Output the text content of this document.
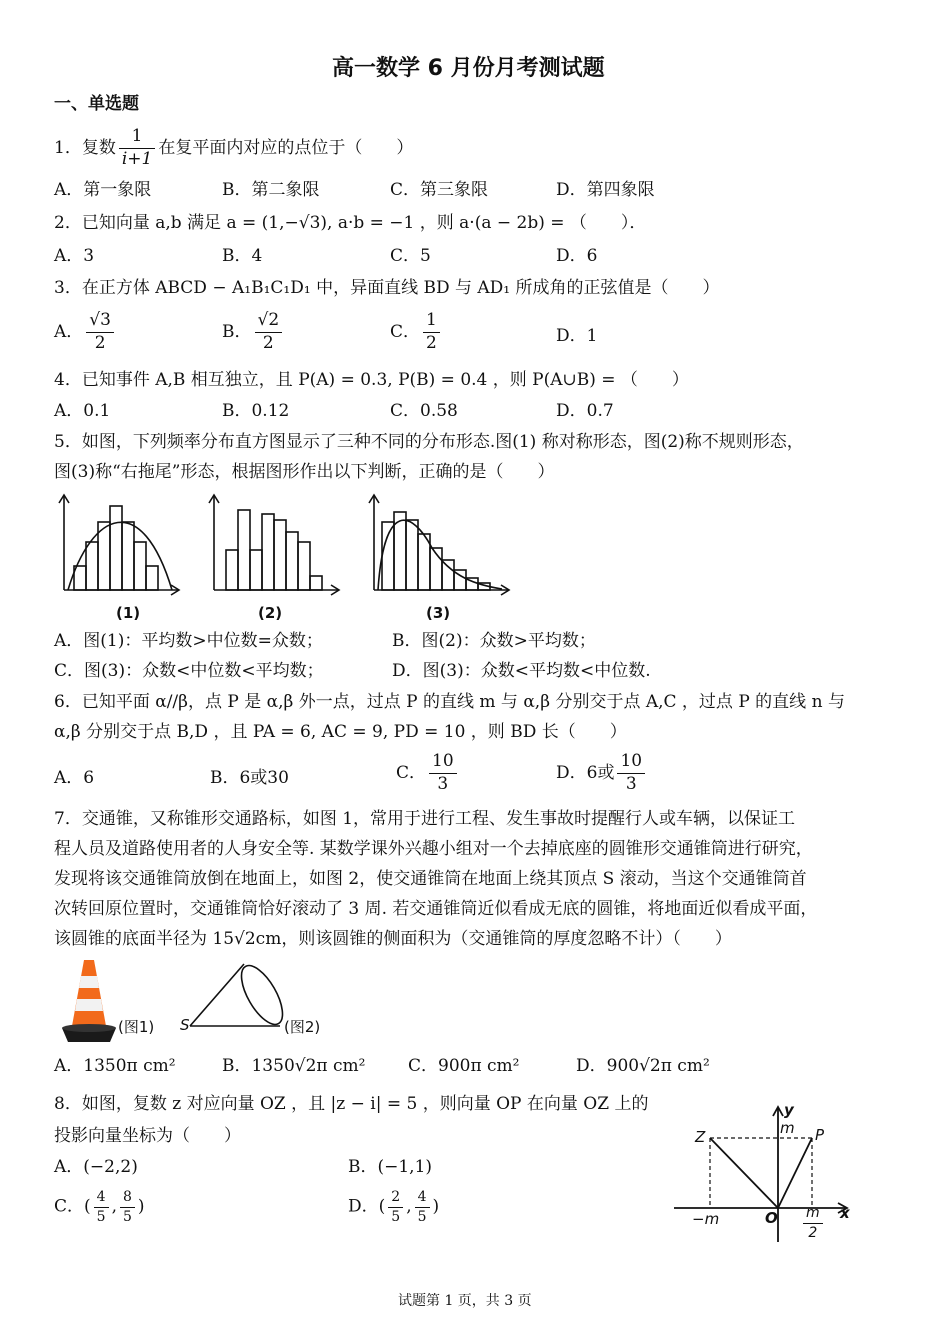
高一数学 6 月份月考测试题
一、单选题
1．复数 $\frac{1}{i+1}$ 在复平面内对应的点位于（　　）
A．第一象限	B．第二象限	C．第三象限	D．第四象限
2．已知向量 a,b 满足 a = (1,−√3), a·b = −1 ，则 a·(a − 2b) = （　　）．
A．3	B．4	C．5	D．6
3．在正方体 ABCD − A₁B₁C₁D₁ 中，异面直线 BD 与 AD₁ 所成角的正弦值是（　　）
A． $\frac{√3}{2}$	B． $\frac{√2}{2}$	C． $\frac{1}{2}$	D．1
4．已知事件 A,B 相互独立，且 P(A) = 0.3, P(B) = 0.4 ，则 P(A∪B) = （　　）
A．0.1	B．0.12	C．0.58	D．0.7
5．如图，下列频率分布直方图显示了三种不同的分布形态.图(1) 称对称形态，图(2)称不规则形态，
图(3)称“右拖尾”形态，根据图形作出以下判断，正确的是（　　）
(1)	(2)	(3)
A．图(1)：平均数>中位数=众数；	B．图(2)：众数>平均数；
C．图(3)：众数<中位数<平均数；	D．图(3)：众数<平均数<中位数.
6．已知平面 α//β，点 P 是 α,β 外一点，过点 P 的直线 m 与 α,β 分别交于点 A,C ，过点 P 的直线 n 与
α,β 分别交于点 B,D ，且 PA = 6, AC = 9, PD = 10 ，则 BD 长（　　）
A．6	B．6或30	C． $\frac{10}{3}$	D．6或 $\frac{10}{3}$
7．交通锥，又称锥形交通路标，如图 1，常用于进行工程、发生事故时提醒行人或车辆，以保证工
程人员及道路使用者的人身安全等. 某数学课外兴趣小组对一个去掉底座的圆锥形交通锥筒进行研究，
发现将该交通锥筒放倒在地面上，如图 2，使交通锥筒在地面上绕其顶点 S 滚动，当这个交通锥筒首
次转回原位置时，交通锥筒恰好滚动了 3 周. 若交通锥筒近似看成无底的圆锥，将地面近似看成平面，
该圆锥的底面半径为 15√2cm，则该圆锥的侧面积为（交通锥筒的厚度忽略不计）（　　）
(图1) S	(图2)
A．1350π cm²	B．1350√2π cm²	C．900π cm²	D．900√2π cm²
8．如图，复数 z 对应向量 OZ ，且 |z − i| = 5 ，则向量 OP 在向量 OZ 上的
投影向量坐标为（　　）
A．(−2,2)	B．(−1,1)
C．( $\frac{4}{5}$ , $\frac{8}{5}$ )	D．( $\frac{2}{5}$ , $\frac{4}{5}$ )
y
m
Z	P
O
−m	x
$\frac{m}{2}$
试题第 1 页，共 3 页
